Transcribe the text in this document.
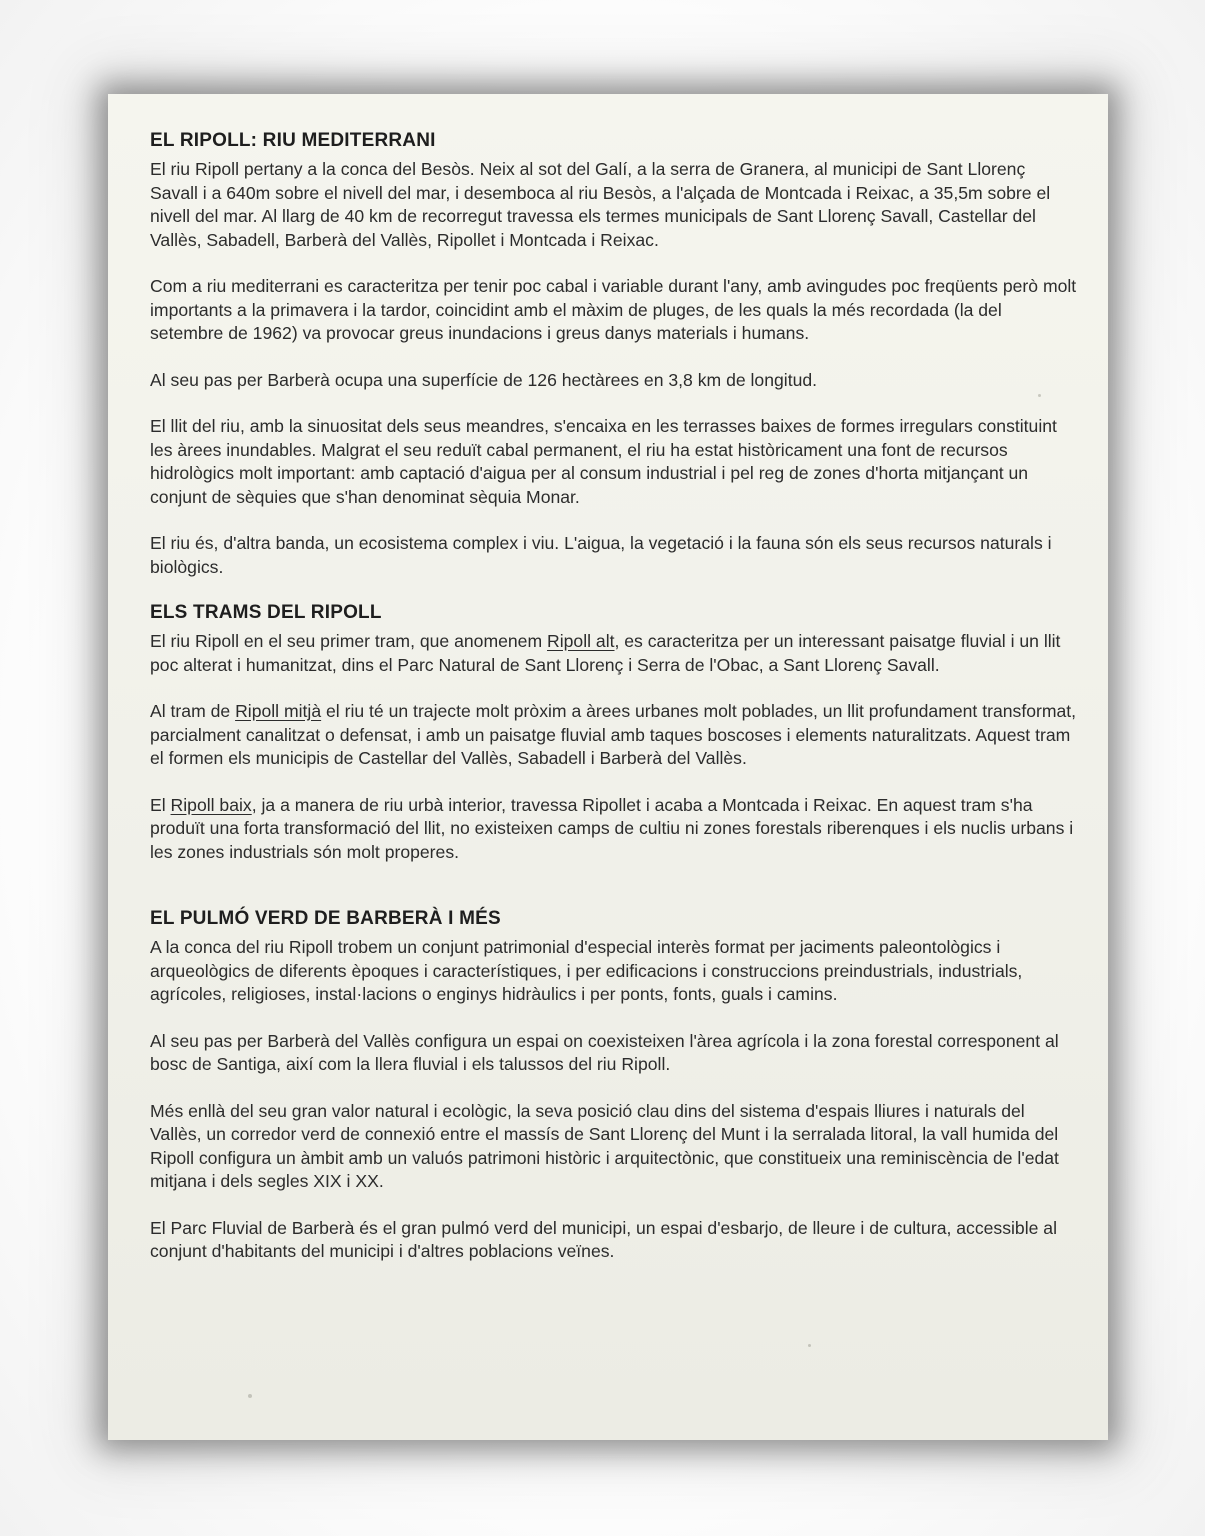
EL RIPOLL: RIU MEDITERRANI

El riu Ripoll pertany a la conca del Besòs. Neix al sot del Galí, a la serra de Granera, al municipi de Sant Llorenç Savall i a 640m sobre el nivell del mar, i desemboca al riu Besòs, a l'alçada de Montcada i Reixac, a 35,5m sobre el nivell del mar. Al llarg de 40 km de recorregut travessa els termes municipals de Sant Llorenç Savall, Castellar del Vallès, Sabadell, Barberà del Vallès, Ripollet i Montcada i Reixac.

Com a riu mediterrani es caracteritza per tenir poc cabal i variable durant l'any, amb avingudes poc freqüents però molt importants a la primavera i la tardor, coincidint amb el màxim de pluges, de les quals la més recordada (la del setembre de 1962) va provocar greus inundacions i greus danys materials i humans.

Al seu pas per Barberà ocupa una superfície de 126 hectàrees en 3,8 km de longitud.

El llit del riu, amb la sinuositat dels seus meandres, s'encaixa en les terrasses baixes de formes irregulars constituint les àrees inundables. Malgrat el seu reduït cabal permanent, el riu ha estat històricament una font de recursos hidrològics molt important: amb captació d'aigua per al consum industrial i pel reg de zones d'horta mitjançant un conjunt de sèquies que s'han denominat sèquia Monar.

El riu és, d'altra banda, un ecosistema complex i viu. L'aigua, la vegetació i la fauna són els seus recursos naturals i biològics.

ELS TRAMS DEL RIPOLL

El riu Ripoll en el seu primer tram, que anomenem Ripoll alt, es caracteritza per un interessant paisatge fluvial i un llit poc alterat i humanitzat, dins el Parc Natural de Sant Llorenç i Serra de l'Obac, a Sant Llorenç Savall.

Al tram de Ripoll mitjà el riu té un trajecte molt pròxim a àrees urbanes molt poblades, un llit profundament transformat, parcialment canalitzat o defensat, i amb un paisatge fluvial amb taques boscoses i elements naturalitzats. Aquest tram el formen els municipis de Castellar del Vallès, Sabadell i Barberà del Vallès.

El Ripoll baix, ja a manera de riu urbà interior, travessa Ripollet i acaba a Montcada i Reixac. En aquest tram s'ha produït una forta transformació del llit, no existeixen camps de cultiu ni zones forestals riberenques i els nuclis urbans i les zones industrials són molt properes.

EL PULMÓ VERD DE BARBERÀ I MÉS

A la conca del riu Ripoll trobem un conjunt patrimonial d'especial interès format per jaciments paleontològics i arqueològics de diferents èpoques i característiques, i per edificacions i construccions preindustrials, industrials, agrícoles, religioses, instal·lacions o enginys hidràulics i per ponts, fonts, guals i camins.

Al seu pas per Barberà del Vallès configura un espai on coexisteixen l'àrea agrícola i la zona forestal corresponent al bosc de Santiga, així com la llera fluvial i els talussos del riu Ripoll.

Més enllà del seu gran valor natural i ecològic, la seva posició clau dins del sistema d'espais lliures i naturals del Vallès, un corredor verd de connexió entre el massís de Sant Llorenç del Munt i la serralada litoral, la vall humida del Ripoll configura un àmbit amb un valuós patrimoni històric i arquitectònic, que constitueix una reminiscència de l'edat mitjana i dels segles XIX i XX.

El Parc Fluvial de Barberà és el gran pulmó verd del municipi, un espai d'esbarjo, de lleure i de cultura, accessible al conjunt d'habitants del municipi i d'altres poblacions veïnes.
